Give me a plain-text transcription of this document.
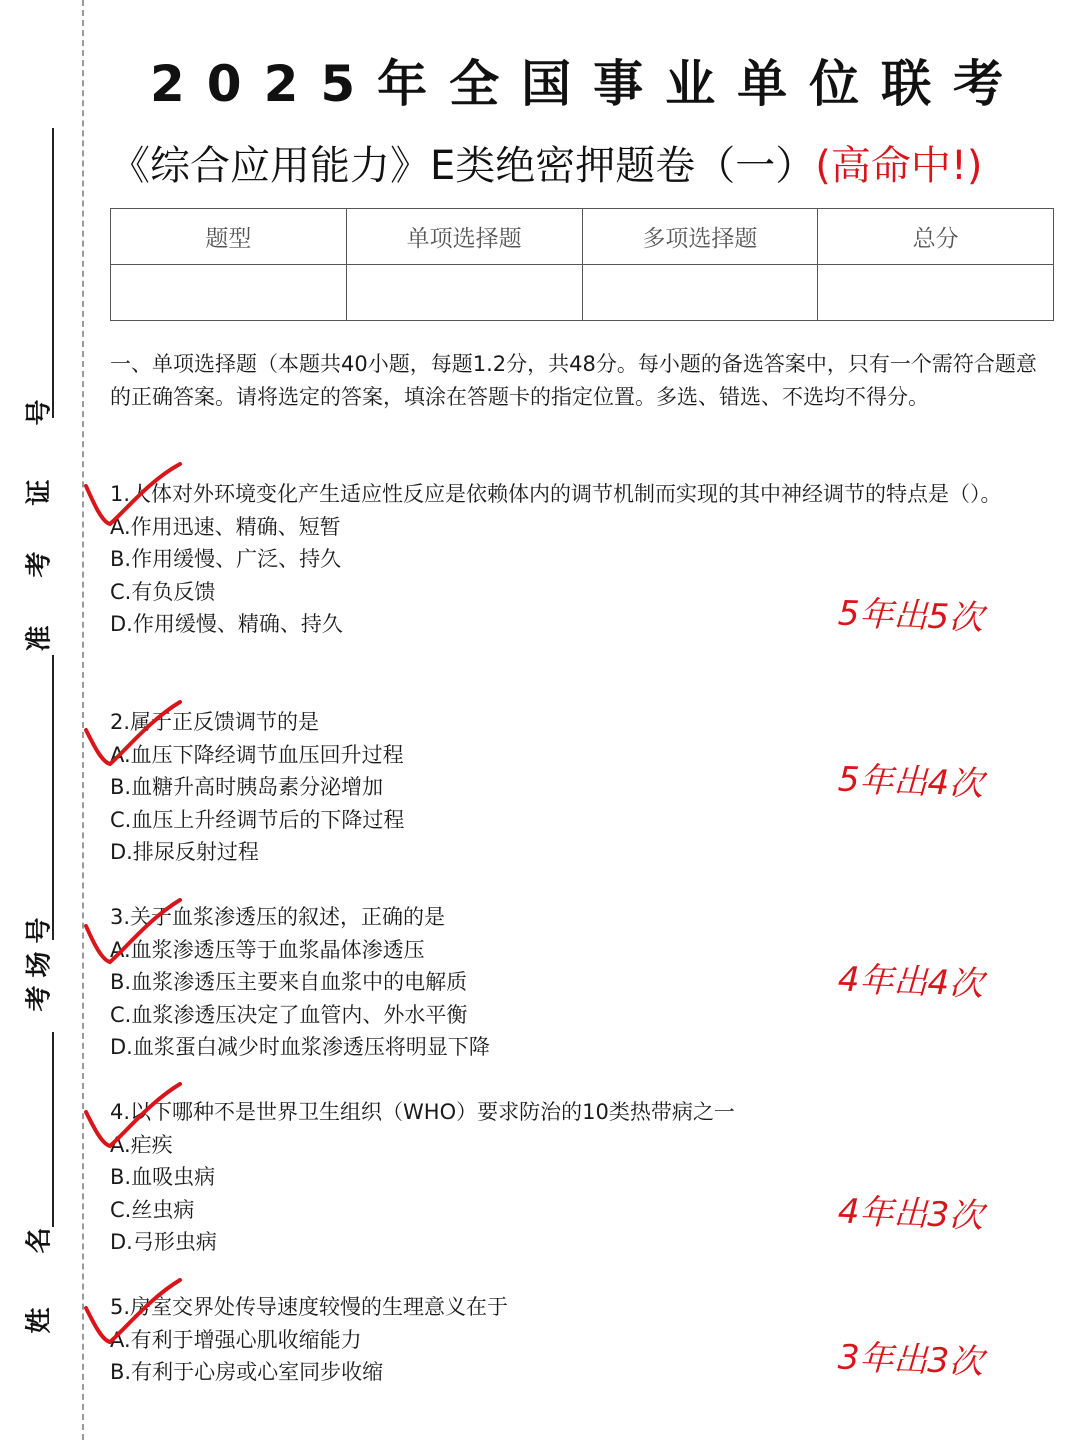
号
证
考
准
号
场
考
名
姓
2025年全国事业单位联考
《综合应用能力》E类绝密押题卷（一）(高命中!)
题型	单项选择题	多项选择题	总分

一、单项选择题（本题共40小题，每题1.2分，共48分。每小题的备选答案中，只有一个需符合题意的正确答案。请将选定的答案，填涂在答题卡的指定位置。多选、错选、不选均不得分。
1.人体对外环境变化产生适应性反应是依赖体内的调节机制而实现的其中神经调节的特点是（）。
A.作用迅速、精确、短暂
B.作用缓慢、广泛、持久
C.有负反馈
D.作用缓慢、精确、持久	5年出5次
2.属于正反馈调节的是
A.血压下降经调节血压回升过程
B.血糖升高时胰岛素分泌增加
C.血压上升经调节后的下降过程
D.排尿反射过程
5年出4次
3.关于血浆渗透压的叙述，正确的是
A.血浆渗透压等于血浆晶体渗透压
B.血浆渗透压主要来自血浆中的电解质
C.血浆渗透压决定了血管内、外水平衡
D.血浆蛋白减少时血浆渗透压将明显下降
4年出4次
4.以下哪种不是世界卫生组织（WHO）要求防治的10类热带病之一
A.疟疾
B.血吸虫病
C.丝虫病
D.弓形虫病
4年出3次
5.房室交界处传导速度较慢的生理意义在于
A.有利于增强心肌收缩能力
B.有利于心房或心室同步收缩	3年出3次
